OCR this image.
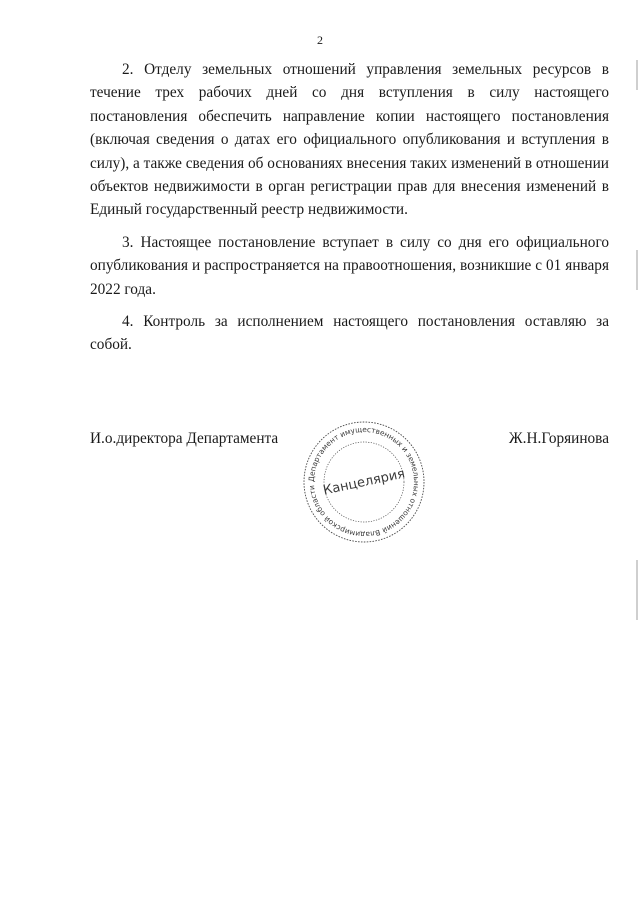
2

2. Отделу земельных отношений управления земельных ресурсов в течение трех рабочих дней со дня вступления в силу настоящего постановления обеспечить направление копии настоящего постановления (включая сведения о датах его официального опубликования и вступления в силу), а также сведения об основаниях внесения таких изменений в отношении объектов недвижимости в орган регистрации прав для внесения изменений в Единый государственный реестр недвижимости.

3. Настоящее постановление вступает в силу со дня его официального опубликования и распространяется на правоотношения, возникшие с 01 января 2022 года.

4. Контроль за исполнением настоящего постановления оставляю за собой.

И.о.директора Департамента	Ж.Н.Горяинова
Департамент имущественных и земельных отношений Владимирской области Канцелярия
